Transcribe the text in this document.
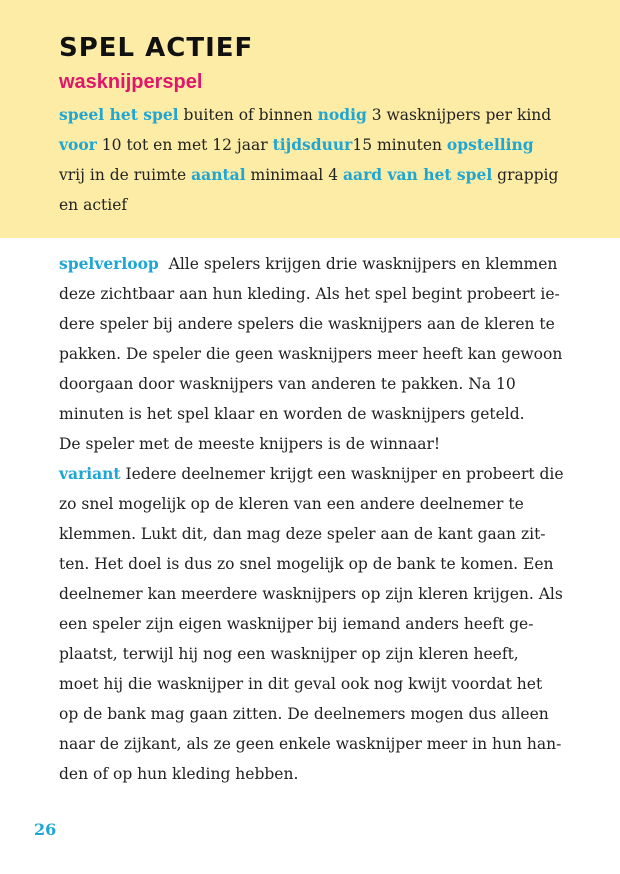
SPEL ACTIEF
wasknijperspel

speel het spel buiten of binnen nodig 3 wasknijpers per kind voor 10 tot en met 12 jaar tijdsduur15 minuten opstelling vrij in de ruimte aantal minimaal 4 aard van het spel grappig en actief

spelverloop Alle spelers krijgen drie wasknijpers en klemmen
deze zichtbaar aan hun kleding. Als het spel begint probeert ie-
dere speler bij andere spelers die wasknijpers aan de kleren te
pakken. De speler die geen wasknijpers meer heeft kan gewoon
doorgaan door wasknijpers van anderen te pakken. Na 10
minuten is het spel klaar en worden de wasknijpers geteld.
De speler met de meeste knijpers is de winnaar!
variant Iedere deelnemer krijgt een wasknijper en probeert die
zo snel mogelijk op de kleren van een andere deelnemer te
klemmen. Lukt dit, dan mag deze speler aan de kant gaan zit-
ten. Het doel is dus zo snel mogelijk op de bank te komen. Een
deelnemer kan meerdere wasknijpers op zijn kleren krijgen. Als
een speler zijn eigen wasknijper bij iemand anders heeft ge-
plaatst, terwijl hij nog een wasknijper op zijn kleren heeft,
moet hij die wasknijper in dit geval ook nog kwijt voordat het
op de bank mag gaan zitten. De deelnemers mogen dus alleen
naar de zijkant, als ze geen enkele wasknijper meer in hun han-
den of op hun kleding hebben.

26
